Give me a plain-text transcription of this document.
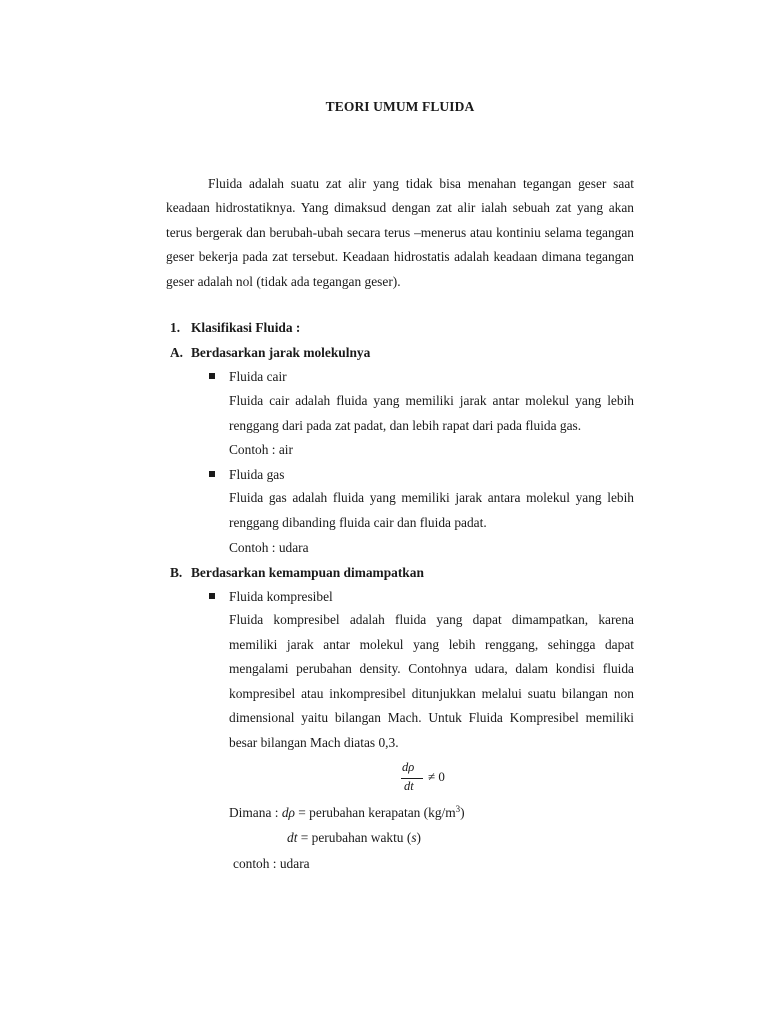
TEORI UMUM FLUIDA
Fluida adalah suatu zat alir yang tidak bisa menahan tegangan geser saat keadaan hidrostatiknya. Yang dimaksud dengan zat alir ialah sebuah zat yang akan terus bergerak dan berubah-ubah secara terus –menerus atau kontiniu selama tegangan geser bekerja pada zat tersebut. Keadaan hidrostatis adalah keadaan dimana tegangan geser adalah nol (tidak ada tegangan geser).
1. Klasifikasi Fluida :
A. Berdasarkan jarak molekulnya
Fluida cair
Fluida cair adalah fluida yang memiliki jarak antar molekul yang lebih renggang dari pada zat padat, dan lebih rapat dari pada fluida gas.
Contoh : air
Fluida gas
Fluida gas adalah fluida yang memiliki jarak antara molekul yang lebih renggang dibanding fluida cair dan fluida padat.
Contoh : udara
B. Berdasarkan kemampuan dimampatkan
Fluida kompresibel
Fluida kompresibel adalah fluida yang dapat dimampatkan, karena memiliki jarak antar molekul yang lebih renggang, sehingga dapat mengalami perubahan density. Contohnya udara, dalam kondisi fluida kompresibel atau inkompresibel ditunjukkan melalui suatu bilangan non dimensional yaitu bilangan Mach. Untuk Fluida Kompresibel memiliki besar bilangan Mach diatas 0,3.
dρ
dt
≠ 0
Dimana : dρ = perubahan kerapatan $(kg/m^3)$
dt = perubahan waktu (s)
contoh : udara
